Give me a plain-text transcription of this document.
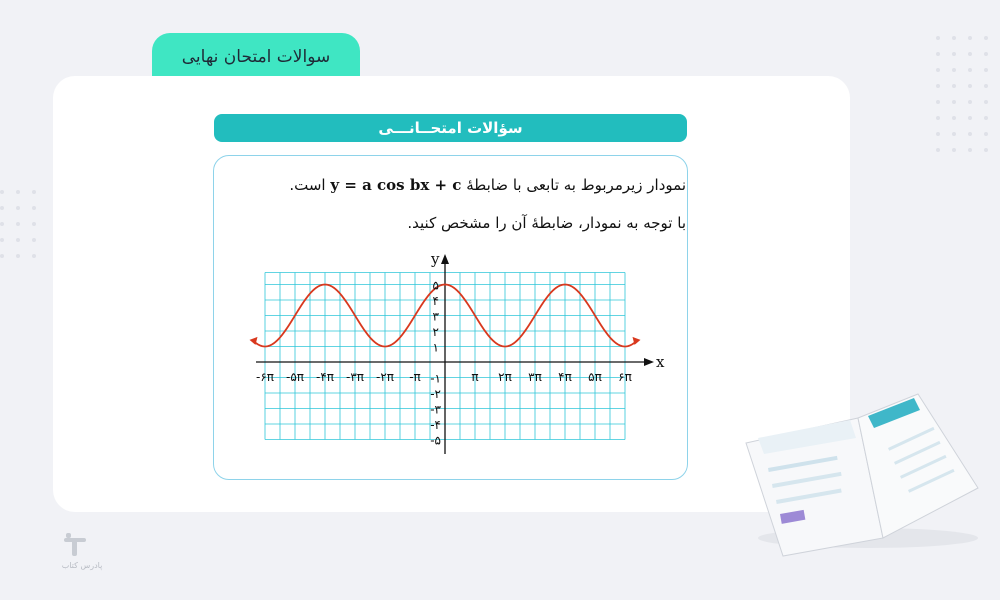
سوالات امتحان نهایی
سؤالات امتحــانـــی
نمودار زیرمربوط به تابعی با ضابطهٔ y = a cos bx + c است.
با توجه به نمودار، ضابطهٔ آن را مشخص کنید.
x
y
-۶π -۵π -۴π -۳π -۲π -π	π ۲π ۳π ۴π ۵π ۶π
۱
۲
۳
۴
۵
-۱
-۲
-۳
-۴
-۵
پادرس کتاب
